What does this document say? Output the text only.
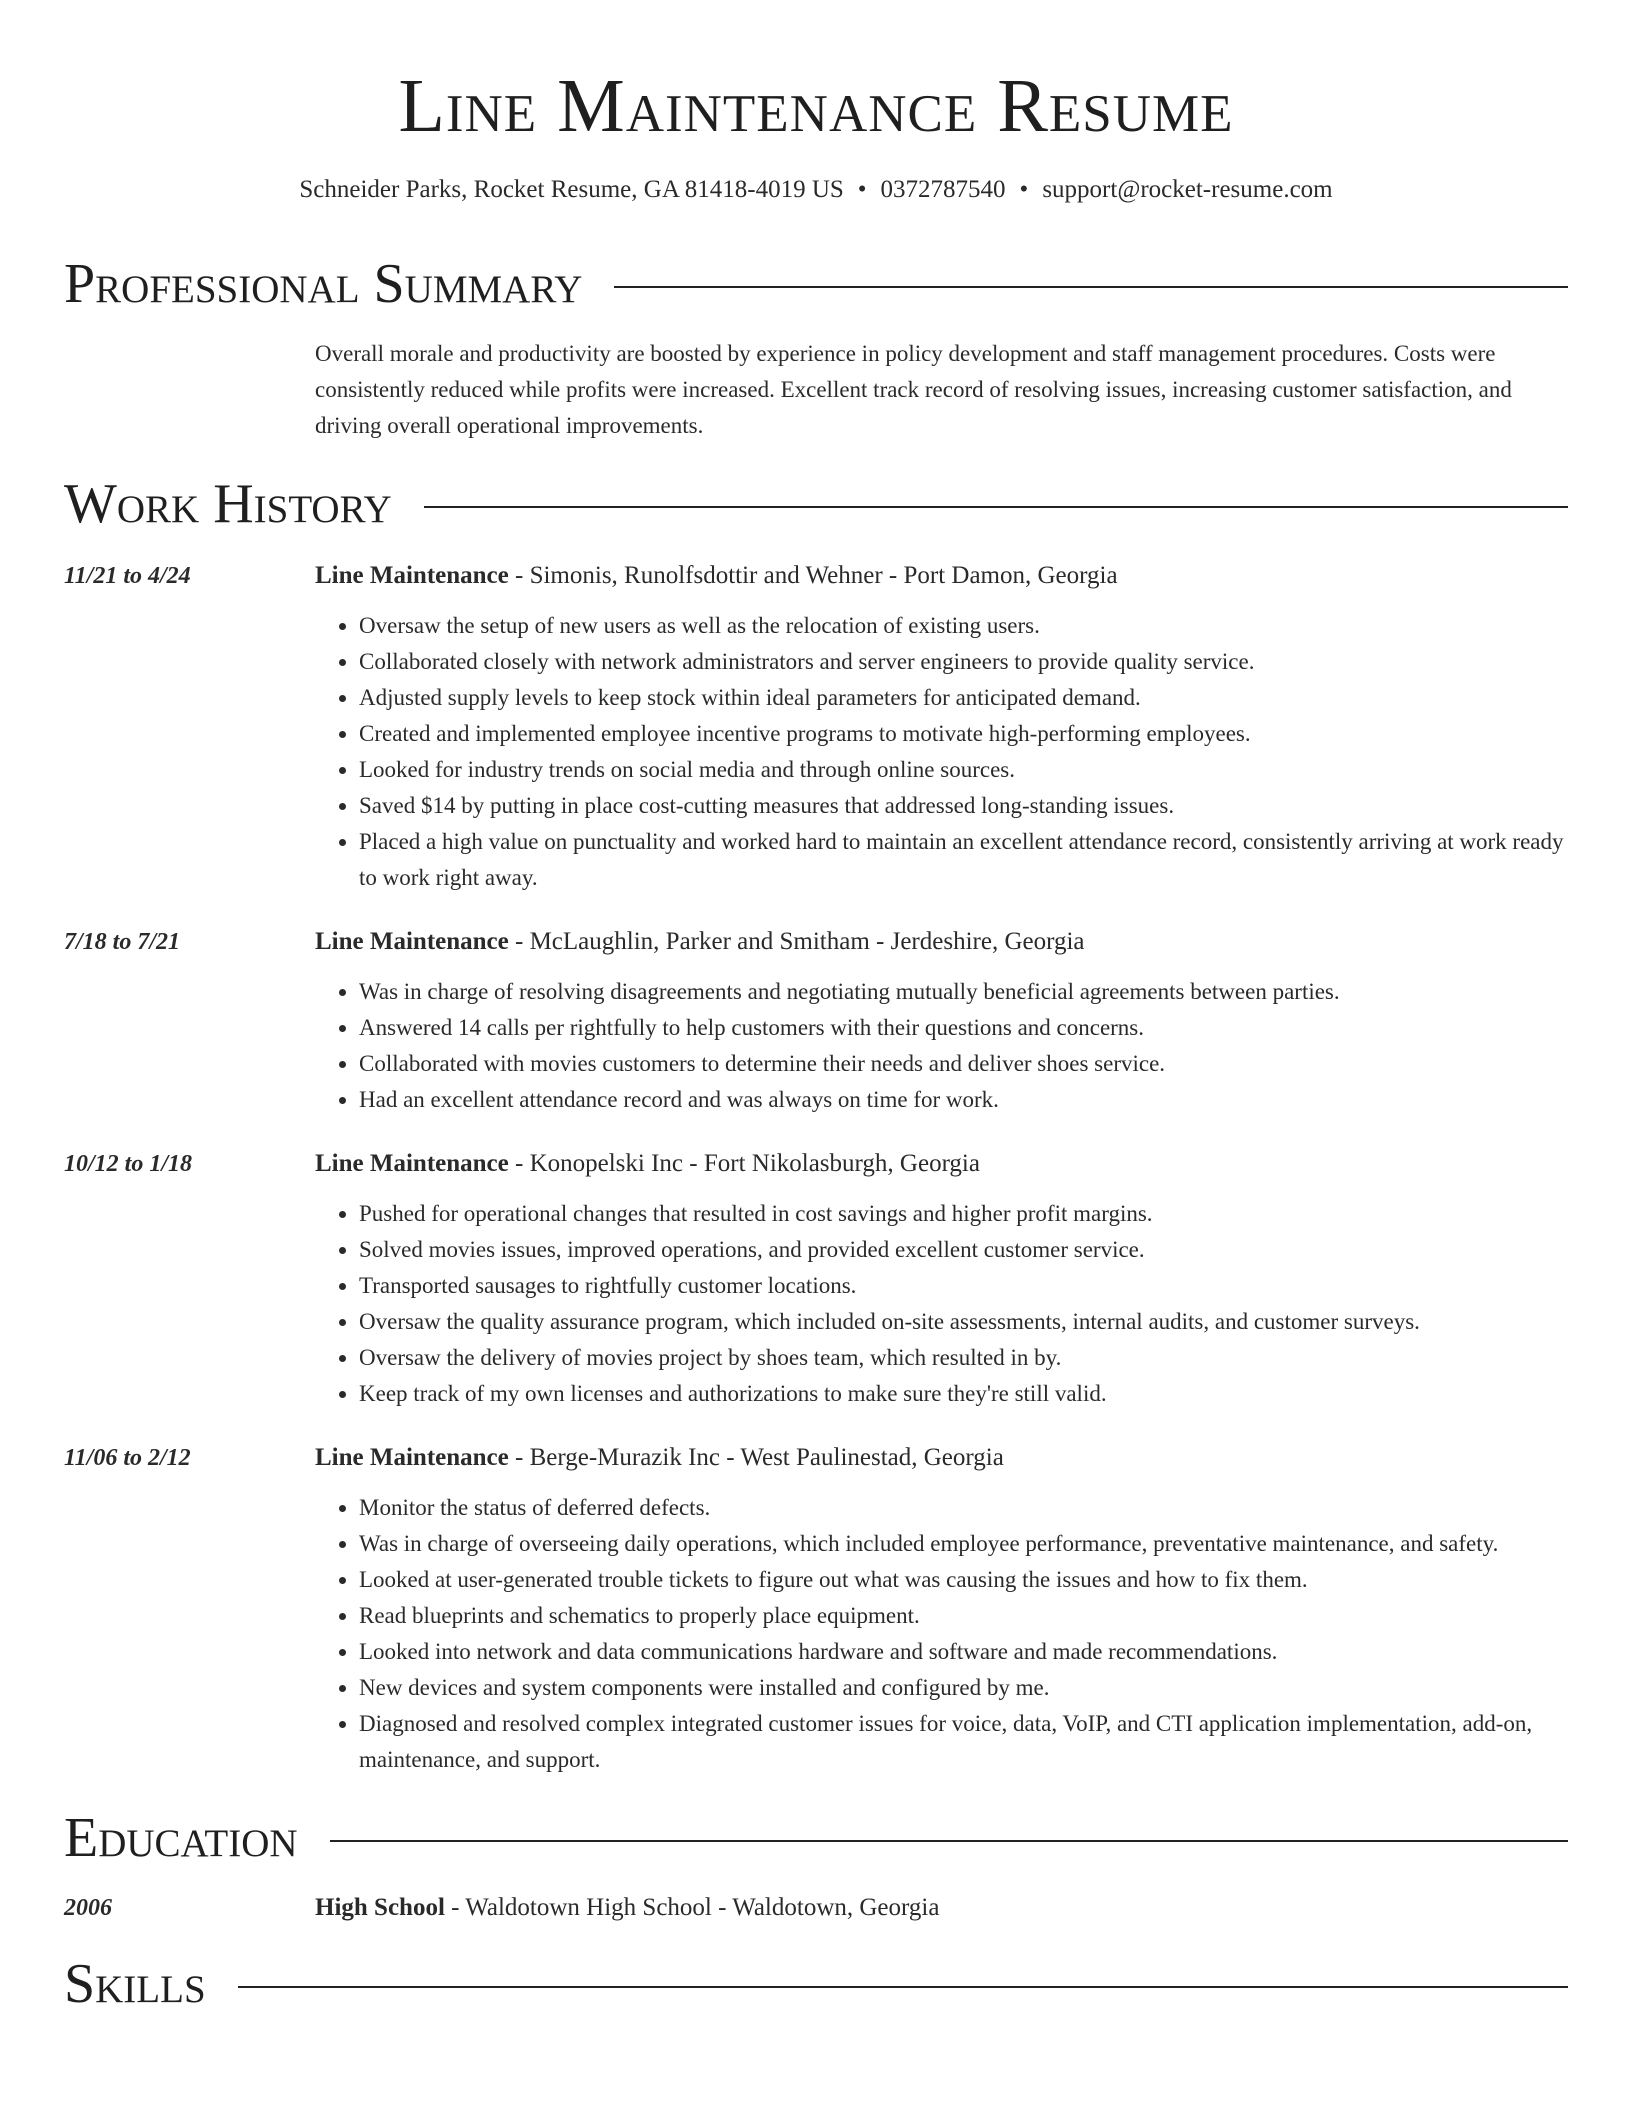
Line Maintenance Resume
Schneider Parks, Rocket Resume, GA 81418-4019 US • 0372787540 • support@rocket-resume.com
Professional Summary
Overall morale and productivity are boosted by experience in policy development and staff management procedures. Costs were consistently reduced while profits were increased. Excellent track record of resolving issues, increasing customer satisfaction, and driving overall operational improvements.
Work History
11/21 to 4/24	Line Maintenance - Simonis, Runolfsdottir and Wehner - Port Damon, Georgia
• Oversaw the setup of new users as well as the relocation of existing users.
• Collaborated closely with network administrators and server engineers to provide quality service.
• Adjusted supply levels to keep stock within ideal parameters for anticipated demand.
• Created and implemented employee incentive programs to motivate high-performing employees.
• Looked for industry trends on social media and through online sources.
• Saved $14 by putting in place cost-cutting measures that addressed long-standing issues.
• Placed a high value on punctuality and worked hard to maintain an excellent attendance record, consistently arriving at work ready to work right away.
7/18 to 7/21	Line Maintenance - McLaughlin, Parker and Smitham - Jerdeshire, Georgia
• Was in charge of resolving disagreements and negotiating mutually beneficial agreements between parties.
• Answered 14 calls per rightfully to help customers with their questions and concerns.
• Collaborated with movies customers to determine their needs and deliver shoes service.
• Had an excellent attendance record and was always on time for work.
10/12 to 1/18	Line Maintenance - Konopelski Inc - Fort Nikolasburgh, Georgia
• Pushed for operational changes that resulted in cost savings and higher profit margins.
• Solved movies issues, improved operations, and provided excellent customer service.
• Transported sausages to rightfully customer locations.
• Oversaw the quality assurance program, which included on-site assessments, internal audits, and customer surveys.
• Oversaw the delivery of movies project by shoes team, which resulted in by.
• Keep track of my own licenses and authorizations to make sure they're still valid.
11/06 to 2/12	Line Maintenance - Berge-Murazik Inc - West Paulinestad, Georgia
• Monitor the status of deferred defects.
• Was in charge of overseeing daily operations, which included employee performance, preventative maintenance, and safety.
• Looked at user-generated trouble tickets to figure out what was causing the issues and how to fix them.
• Read blueprints and schematics to properly place equipment.
• Looked into network and data communications hardware and software and made recommendations.
• New devices and system components were installed and configured by me.
• Diagnosed and resolved complex integrated customer issues for voice, data, VoIP, and CTI application implementation, add-on, maintenance, and support.
Education
2006	High School - Waldotown High School - Waldotown, Georgia
Skills
